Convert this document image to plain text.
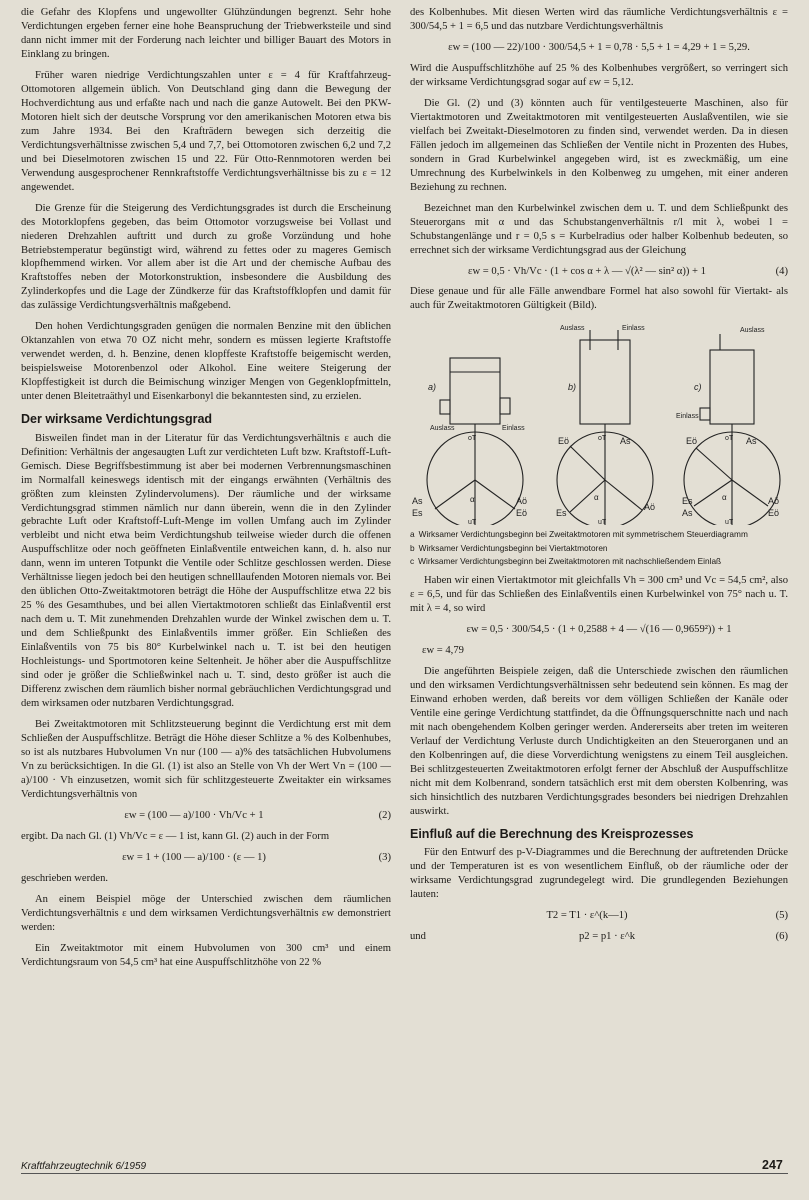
die Gefahr des Klopfens und ungewollter Glühzündungen begrenzt. Sehr hohe Verdichtungen ergeben ferner eine hohe Beanspruchung der Triebwerksteile und sind dann nicht immer mit der Forderung nach leichter und billiger Bauart des Motors in Einklang zu bringen.

Früher waren niedrige Verdichtungszahlen unter ε = 4 für Kraftfahrzeug-Ottomotoren allgemein üblich. Von Deutschland ging dann die Bewegung der Hochverdichtung aus und erfaßte nach und nach die ganze Autowelt. Bei den PKW-Motoren hielt sich der deutsche Vorsprung vor den amerikanischen Motoren etwa bis zum Jahre 1934. Bei den Krafträdern bewegen sich derzeitig die Verdichtungsverhältnisse zwischen 5,4 und 7,7, bei Ottomotoren zwischen 6,2 und 7,2 und bei Dieselmotoren zwischen 15 und 22. Für Otto-Rennmotoren werden bei Verwendung ausgesprochener Rennkraftstoffe Verdichtungsverhältnisse bis zu ε = 12 angewendet.

Die Grenze für die Steigerung des Verdichtungsgrades ist durch die Erscheinung des Motorklopfens gegeben, das beim Ottomotor vorzugsweise bei Vollast und niederen Drehzahlen auftritt und durch zu große Vorzündung und hohe Betriebstemperatur begünstigt wird, während zu fettes oder zu mageres Gemisch klopfhemmend wirken. Vor allem aber ist die Art und der chemische Aufbau des Kraftstoffes neben der Motorkonstruktion, insbesondere die Ausbildung des Zylinderkopfes und die Lage der Zündkerze für das Kraftstoffklopfen und damit für das zulässige Verdichtungsverhältnis maßgebend.

Den hohen Verdichtungsgraden genügen die normalen Benzine mit den üblichen Oktanzahlen von etwa 70 OZ nicht mehr, sondern es müssen legierte Kraftstoffe verwendet werden, d. h. Benzine, denen klopffeste Kraftstoffe beigemischt werden, beispielsweise Motorenbenzol oder Alkohol. Eine weitere Steigerung der Klopffestigkeit ist durch die Beimischung winziger Mengen von Gegenklopfmitteln, unter denen Bleitetraäthyl und Eisenkarbonyl die bekanntesten sind, zu erzielen.

Der wirksame Verdichtungsgrad

Bisweilen findet man in der Literatur für das Verdichtungsverhältnis ε auch die Definition: Verhältnis der angesaugten Luft zur verdichteten Luft bzw. Kraftstoff-Luft-Gemisch. Diese Begriffsbestimmung ist aber bei modernen Verbrennungsmaschinen im Normalfall keineswegs identisch mit der eingangs erwähnten (Verhältnis des größten zum kleinsten Zylindervolumens). Der räumliche und der wirksame Verdichtungsgrad stimmen nämlich nur dann überein, wenn die in den Zylinder gebrachte Luft oder Kraftstoff-Luft-Menge im vollen Umfang auch im Zylinder verbleibt und nicht etwa beim Verdichtungshub teilweise wieder durch die offenen Auspuffschlitze oder noch geöffneten Einlaßventile entweichen kann, d. h. also nur dann, wenn im unteren Totpunkt die Ventile oder Schlitze geschlossen werden. Diese Verhältnisse liegen jedoch bei den heutigen schnelllaufenden Motoren niemals vor. Bei den üblichen Otto-Zweitaktmotoren beträgt die Höhe der Auspuffschlitze etwa 22 bis 25 % des Gesamthubes, und bei allen Viertaktmotoren schließt das Einlaßventil erst nach dem u. T. Mit zunehmenden Drehzahlen wurde der Winkel zwischen dem u. T. und dem Schließpunkt des Einlaßventils immer größer. Ein Schließen des Einlaßventils von 75 bis 80° Kurbelwinkel nach u. T. ist bei den heutigen Hochleistungs- und Sportmotoren keine Seltenheit. Je höher aber die Auspuffschlitze sind oder je größer die Schließwinkel nach u. T. sind, desto größer ist auch die Differenz zwischen dem räumlich bisher normal gebräuchlichen Verdichtungsgrad und dem wirksamen oder nutzbaren Verdichtungsgrad.

Bei Zweitaktmotoren mit Schlitzsteuerung beginnt die Verdichtung erst mit dem Schließen der Auspuffschlitze. Beträgt die Höhe dieser Schlitze a % des Kolbenhubes, so ist als nutzbares Hubvolumen Vn nur (100 — a)% des tatsächlichen Hubvolumens Vn zu berücksichtigen. In die Gl. (1) ist also an Stelle von Vh der Wert Vn = (100 — a)/100 · Vh einzusetzen, womit sich für schlitzgesteuerte Zweitakter ein wirksames Verdichtungsverhältnis von

εw = (100 — a)/100 · Vh/Vc + 1	(2)

ergibt. Da nach Gl. (1) Vh/Vc = ε — 1 ist, kann Gl. (2) auch in der Form

εw = 1 + (100 — a)/100 · (ε — 1)	(3)

geschrieben werden.

An einem Beispiel möge der Unterschied zwischen dem räumlichen Verdichtungsverhältnis ε und dem wirksamen Verdichtungsverhältnis εw demonstriert werden:

Ein Zweitaktmotor mit einem Hubvolumen von 300 cm³ und einem Verdichtungsraum von 54,5 cm³ hat eine Auspuffschlitzhöhe von 22 %

des Kolbenhubes. Mit diesen Werten wird das räumliche Verdichtungsverhältnis ε = 300/54,5 + 1 = 6,5 und das nutzbare Verdichtungsverhältnis

εw = (100 — 22)/100 · 300/54,5 + 1 = 0,78 · 5,5 + 1 = 4,29 + 1 = 5,29.

Wird die Auspuffschlitzhöhe auf 25 % des Kolbenhubes vergrößert, so verringert sich der wirksame Verdichtungsgrad sogar auf εw = 5,12.

Die Gl. (2) und (3) könnten auch für ventilgesteuerte Maschinen, also für Viertaktmotoren und Zweitaktmotoren mit ventilgesteuerten Auslaßventilen, wie sie vielfach bei Zweitakt-Dieselmotoren zu finden sind, verwendet werden. Da in diesen Fällen jedoch im allgemeinen das Schließen der Ventile nicht in Prozenten des Hubes, sondern in Grad Kurbelwinkel angegeben wird, ist es zweckmäßig, um eine Umrechnung des Kurbelwinkels in den Kolbenweg zu umgehen, mit einer anderen Beziehung zu rechnen.

Bezeichnet man den Kurbelwinkel zwischen dem u. T. und dem Schließpunkt des Steuerorgans mit α und das Schubstangenverhältnis r/l mit λ, wobei l = Schubstangenlänge und r = 0,5 s = Kurbelradius oder halber Kolbenhub bedeuten, so errechnet sich der wirksame Verdichtungsgrad aus der Gleichung

εw = 0,5 · Vh/Vc · (1 + cos α + λ — √(λ² — sin² α)) + 1	(4)

Diese genaue und für alle Fälle anwendbare Formel hat also sowohl für Viertakt- als auch für Zweitaktmotoren Gültigkeit (Bild).

a)	b)	c)
Auslass	Einlass
Auslass	Einlass	Auslass
Einlass
oT	oT	oT
uT	uT	uT
As
Es
Aö
Eö
α
Eö	As
Es
Aö
α
Eö	As
Es
As
Aö
Eö
α
a Wirksamer Verdichtungsbeginn bei Zweitaktmotoren mit symmetrischem Steuerdiagramm
b Wirksamer Verdichtungsbeginn bei Viertaktmotoren
c Wirksamer Verdichtungsbeginn bei Zweitaktmotoren mit nachschließendem Einlaß

Haben wir einen Viertaktmotor mit gleichfalls Vh = 300 cm³ und Vc = 54,5 cm², also ε = 6,5, und für das Schließen des Einlaßventils einen Kurbelwinkel von 75° nach u. T. mit λ = 4, so wird

εw = 0,5 · 300/54,5 · (1 + 0,2588 + 4 — √(16 — 0,9659²)) + 1
εw = 4,79

Die angeführten Beispiele zeigen, daß die Unterschiede zwischen den räumlichen und den wirksamen Verdichtungsverhältnissen sehr bedeutend sein können. Es mag der Einwand erhoben werden, daß bereits vor dem völligen Schließen der Kanäle oder Ventile eine geringe Verdichtung stattfindet, da die Öffnungsquerschnitte nach und nach mit nach obengehendem Kolben geringer werden. Andererseits aber treten im weiteren Verlauf der Verdichtung Verluste durch Undichtigkeiten an den Steuerorganen und an den Kolbenringen auf, die diese Vorverdichtung wenigstens zu einem Teil ausgleichen. Bei schlitzgesteuerten Zweitaktmotoren erfolgt ferner der Abschluß der Auspuffschlitze nicht mit dem Kolbenrand, sondern tatsächlich erst mit dem obersten Kolbenring, was sich hinsichtlich des nutzbaren Verdichtungsgrades besonders bei niedrigen Drehzahlen auswirkt.

Einfluß auf die Berechnung des Kreisprozesses

Für den Entwurf des p-V-Diagrammes und die Berechnung der auftretenden Drücke und der Temperaturen ist es von wesentlichem Einfluß, ob der räumliche oder der wirksame Verdichtungsgrad zugrundegelegt wird. Die grundlegenden Beziehungen lauten:

T2 = T1 · ε^(k—1)	(5)
und	p2 = p1 · ε^k	(6)
Kraftfahrzeugtechnik 6/1959	247
